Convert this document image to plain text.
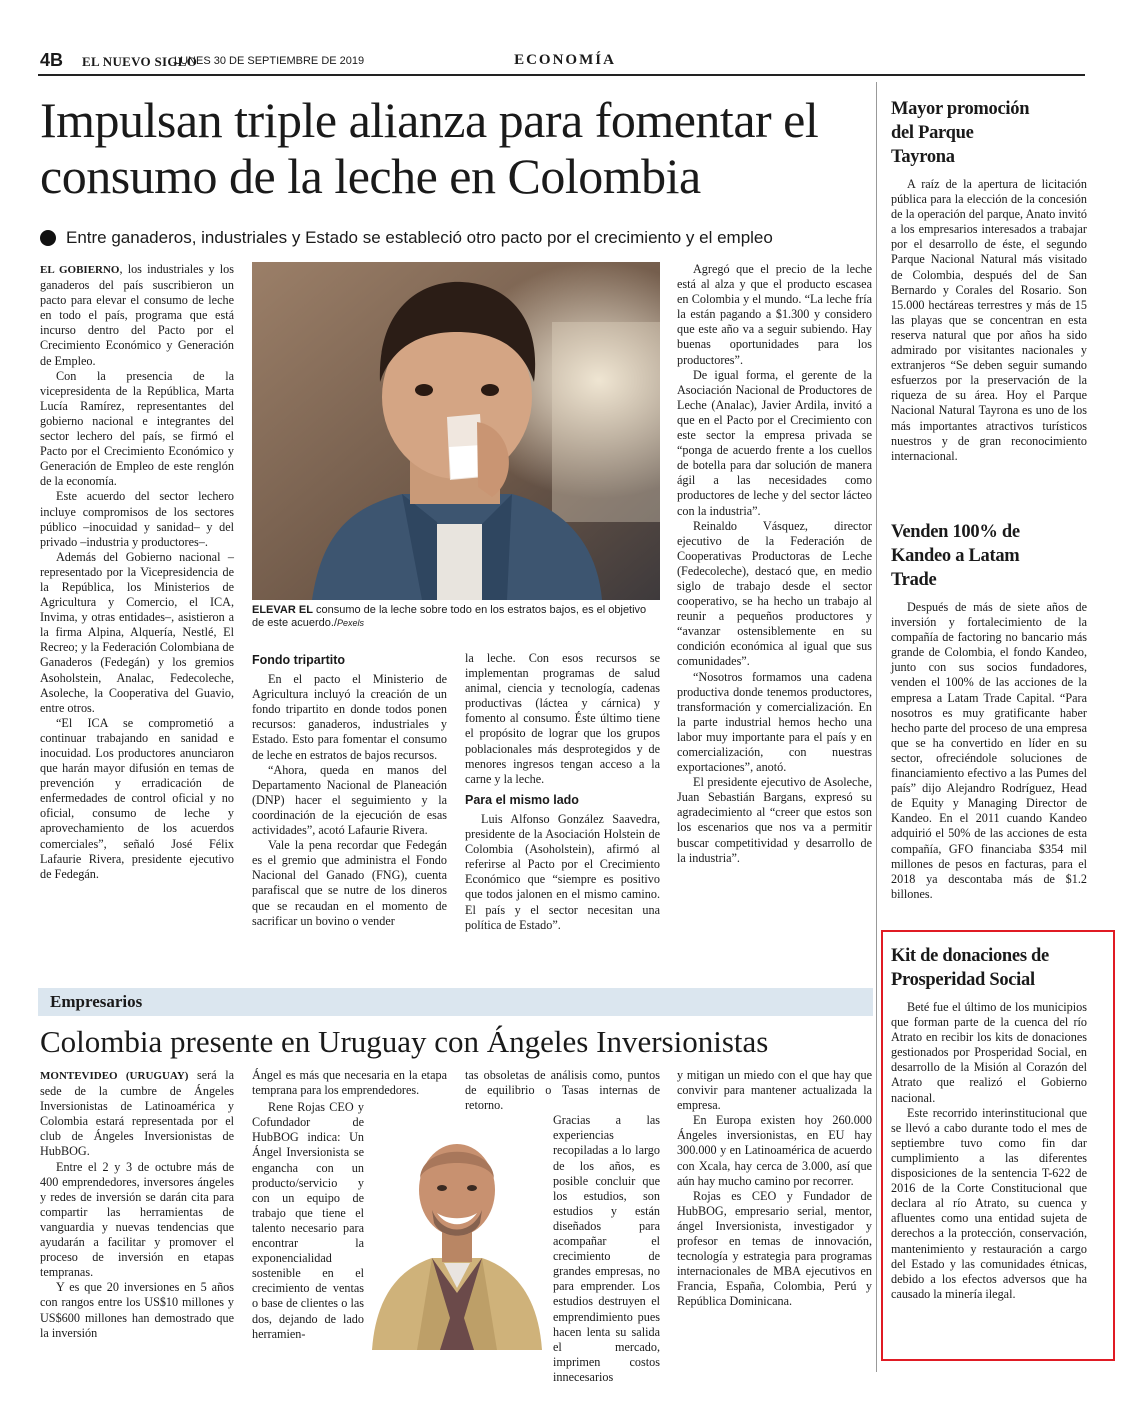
4B EL NUEVO SIGLO
LUNES 30 DE SEPTIEMBRE DE 2019	ECONOMÍA
Impulsan triple alianza para fomentar el consumo de la leche en Colombia
Entre ganaderos, industriales y Estado se estableció otro pacto por el crecimiento y el empleo

EL GOBIERNO, los industriales y los ganaderos del país suscribieron un pacto para elevar el consumo de leche en todo el país, programa que está incurso dentro del Pacto por el Crecimiento Económico y Generación de Empleo.

Con la presencia de la vicepresidenta de la República, Marta Lucía Ramírez, representantes del gobierno nacional e integrantes del sector lechero del país, se firmó el Pacto por el Crecimiento Económico y Generación de Empleo de este renglón de la economía.

Este acuerdo del sector lechero incluye compromisos de los sectores público –inocuidad y sanidad– y del privado –industria y productores–.

Además del Gobierno nacional –representado por la Vicepresidencia de la República, los Ministerios de Agricultura y Comercio, el ICA, Invima, y otras entidades–, asistieron a la firma Alpina, Alquería, Nestlé, El Recreo; y la Federación Colombiana de Ganaderos (Fedegán) y los gremios Asoholstein, Analac, Fedecoleche, Asoleche, la Cooperativa del Guavio, entre otros.

“El ICA se comprometió a continuar trabajando en sanidad e inocuidad. Los productores anunciaron que harán mayor difusión en temas de prevención y erradicación de enfermedades de control oficial y no oficial, consumo de leche y aprovechamiento de los acuerdos comerciales”, señaló José Félix Lafaurie Rivera, presidente ejecutivo de Fedegán.

ELEVAR EL consumo de la leche sobre todo en los estratos bajos, es el objetivo de este acuerdo./Pexels
Fondo tripartito

En el pacto el Ministerio de Agricultura incluyó la creación de un fondo tripartito en donde todos ponen recursos: ganaderos, industriales y Estado. Esto para fomentar el consumo de leche en estratos de bajos recursos.

“Ahora, queda en manos del Departamento Nacional de Planeación (DNP) hacer el seguimiento y la coordinación de la ejecución de esas actividades”, acotó Lafaurie Rivera.

Vale la pena recordar que Fedegán es el gremio que administra el Fondo Nacional del Ganado (FNG), cuenta parafiscal que se nutre de los dineros que se recaudan en el momento de sacrificar un bovino o vender

la leche. Con esos recursos se implementan programas de salud animal, ciencia y tecnología, cadenas productivas (láctea y cárnica) y fomento al consumo. Éste último tiene el propósito de lograr que los grupos poblacionales más desprotegidos y de menores ingresos tengan acceso a la carne y la leche.

Para el mismo lado

Luis Alfonso González Saavedra, presidente de la Asociación Holstein de Colombia (Asoholstein), afirmó al referirse al Pacto por el Crecimiento Económico que “siempre es positivo que todos jalonen en el mismo camino. El país y el sector necesitan una política de Estado”.

Agregó que el precio de la leche está al alza y que el producto escasea en Colombia y el mundo. “La leche fría la están pagando a $1.300 y considero que este año va a seguir subiendo. Hay buenas oportunidades para los productores”.

De igual forma, el gerente de la Asociación Nacional de Productores de Leche (Analac), Javier Ardila, invitó a que en el Pacto por el Crecimiento con este sector la empresa privada se “ponga de acuerdo frente a los cuellos de botella para dar solución de manera ágil a las necesidades como productores de leche y del sector lácteo con la industria”.

Reinaldo Vásquez, director ejecutivo de la Federación de Cooperativas Productoras de Leche (Fedecoleche), destacó que, en medio siglo de trabajo desde el sector cooperativo, se ha hecho un trabajo al reunir a pequeños productores y “avanzar ostensiblemente en su condición económica al igual que sus comunidades”.

“Nosotros formamos una cadena productiva donde tenemos productores, transformación y comercialización. En la parte industrial hemos hecho una labor muy importante para el país y en comercialización, con nuestras exportaciones”, anotó.

El presidente ejecutivo de Asoleche, Juan Sebastián Bargans, expresó su agradecimiento al “creer que estos son los escenarios que nos va a permitir buscar competitividad y desarrollo de la industria”.

Empresarios
Colombia presente en Uruguay con Ángeles Inversionistas

MONTEVIDEO (URUGUAY) será la sede de la cumbre de Ángeles Inversionistas de Latinoamérica y Colombia estará representada por el club de Ángeles Inversionistas de HubBOG.

Entre el 2 y 3 de octubre más de 400 emprendedores, inversores ángeles y redes de inversión se darán cita para compartir las herramientas de vanguardia y nuevas tendencias que ayudarán a facilitar y promover el proceso de inversión en etapas tempranas.

Y es que 20 inversiones en 5 años con rangos entre los US$10 millones y US$600 millones han demostrado que la inversión

Ángel es más que necesaria en la etapa temprana para los emprendedores.

Rene Rojas CEO y Cofundador de HubBOG indica: Un Ángel Inversionista se engancha con un producto/servicio y con un equipo de trabajo que tiene el talento necesario para encontrar la exponencialidad sostenible en el crecimiento de ventas o base de clientes o las dos, dejando de lado herramien-

tas obsoletas de análisis como, puntos de equilibrio o Tasas internas de retorno.

Gracias a las experiencias recopiladas a lo largo de los años, es posible concluir que los estudios, son estudios y están diseñados para acompañar el crecimiento de grandes empresas, no para emprender. Los estudios destruyen el emprendimiento pues hacen lenta su salida el mercado, imprimen costos innecesarios

y mitigan un miedo con el que hay que convivir para mantener actualizada la empresa.

En Europa existen hoy 260.000 Ángeles inversionistas, en EU hay 300.000 y en Latinoamérica de acuerdo con Xcala, hay cerca de 3.000, así que aún hay mucho camino por recorrer.

Rojas es CEO y Fundador de HubBOG, empresario serial, mentor, ángel Inversionista, investigador y profesor en temas de innovación, tecnología y estrategia para programas internacionales de MBA ejecutivos en Francia, España, Colombia, Perú y República Dominicana.

Mayor promoción del Parque Tayrona

A raíz de la apertura de licitación pública para la elección de la concesión de la operación del parque, Anato invitó a los empresarios interesados a trabajar por el desarrollo de éste, el segundo Parque Nacional Natural más visitado de Colombia, después del de San Bernardo y Corales del Rosario. Son 15.000 hectáreas terrestres y más de 15 las playas que se concentran en esta reserva natural que por años ha sido admirado por visitantes nacionales y extranjeros “Se deben seguir sumando esfuerzos por la preservación de la riqueza de su área. Hoy el Parque Nacional Natural Tayrona es uno de los más importantes atractivos turísticos nuestros y de gran reconocimiento internacional.

Venden 100% de Kandeo a Latam Trade

Después de más de siete años de inversión y fortalecimiento de la compañía de factoring no bancario más grande de Colombia, el fondo Kandeo, junto con sus socios fundadores, venden el 100% de las acciones de la empresa a Latam Trade Capital. “Para nosotros es muy gratificante haber hecho parte del proceso de una empresa que se ha convertido en líder en su sector, ofreciéndole soluciones de financiamiento efectivo a las Pumes del país” dijo Alejandro Rodríguez, Head de Equity y Managing Director de Kandeo. En el 2011 cuando Kandeo adquirió el 50% de las acciones de esta compañía, GFO financiaba $354 mil millones de pesos en facturas, para el 2018 ya descontaba más de $1.2 billones.

Kit de donaciones de Prosperidad Social

Beté fue el último de los municipios que forman parte de la cuenca del río Atrato en recibir los kits de donaciones gestionados por Prosperidad Social, en desarrollo de la Misión al Corazón del Atrato que realizó el Gobierno nacional.

Este recorrido interinstitucional que se llevó a cabo durante todo el mes de septiembre tuvo como fin dar cumplimiento a las diferentes disposiciones de la sentencia T-622 de 2016 de la Corte Constitucional que declara al río Atrato, su cuenca y afluentes como una entidad sujeta de derechos a la protección, conservación, mantenimiento y restauración a cargo del Estado y las comunidades étnicas, debido a los efectos adversos que ha causado la minería ilegal.
